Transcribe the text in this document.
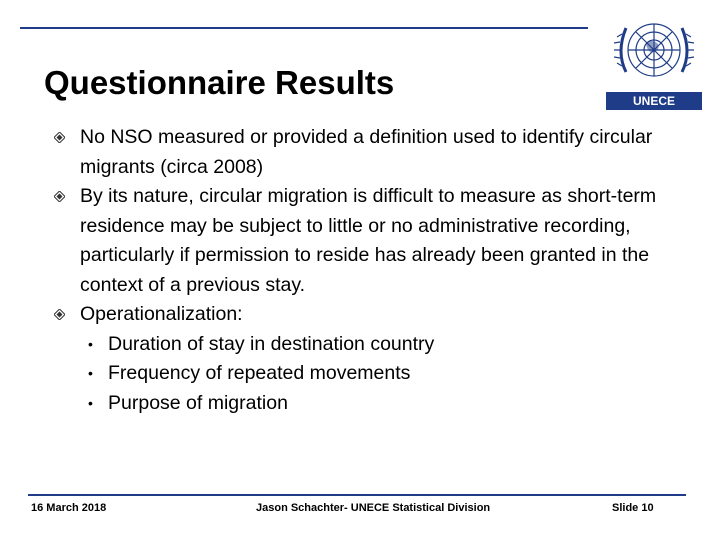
Questionnaire Results	UNECE
No NSO measured or provided a definition used to identify circular migrants (circa 2008)
By its nature, circular migration is difficult to measure as short-term residence may be subject to little or no administrative recording, particularly if permission to reside has already been granted in the context of a previous stay.
Operationalization:
• Duration of stay in destination country
• Frequency of repeated movements
• Purpose of migration
16 March 2018	Jason Schachter- UNECE Statistical Division	Slide 10
